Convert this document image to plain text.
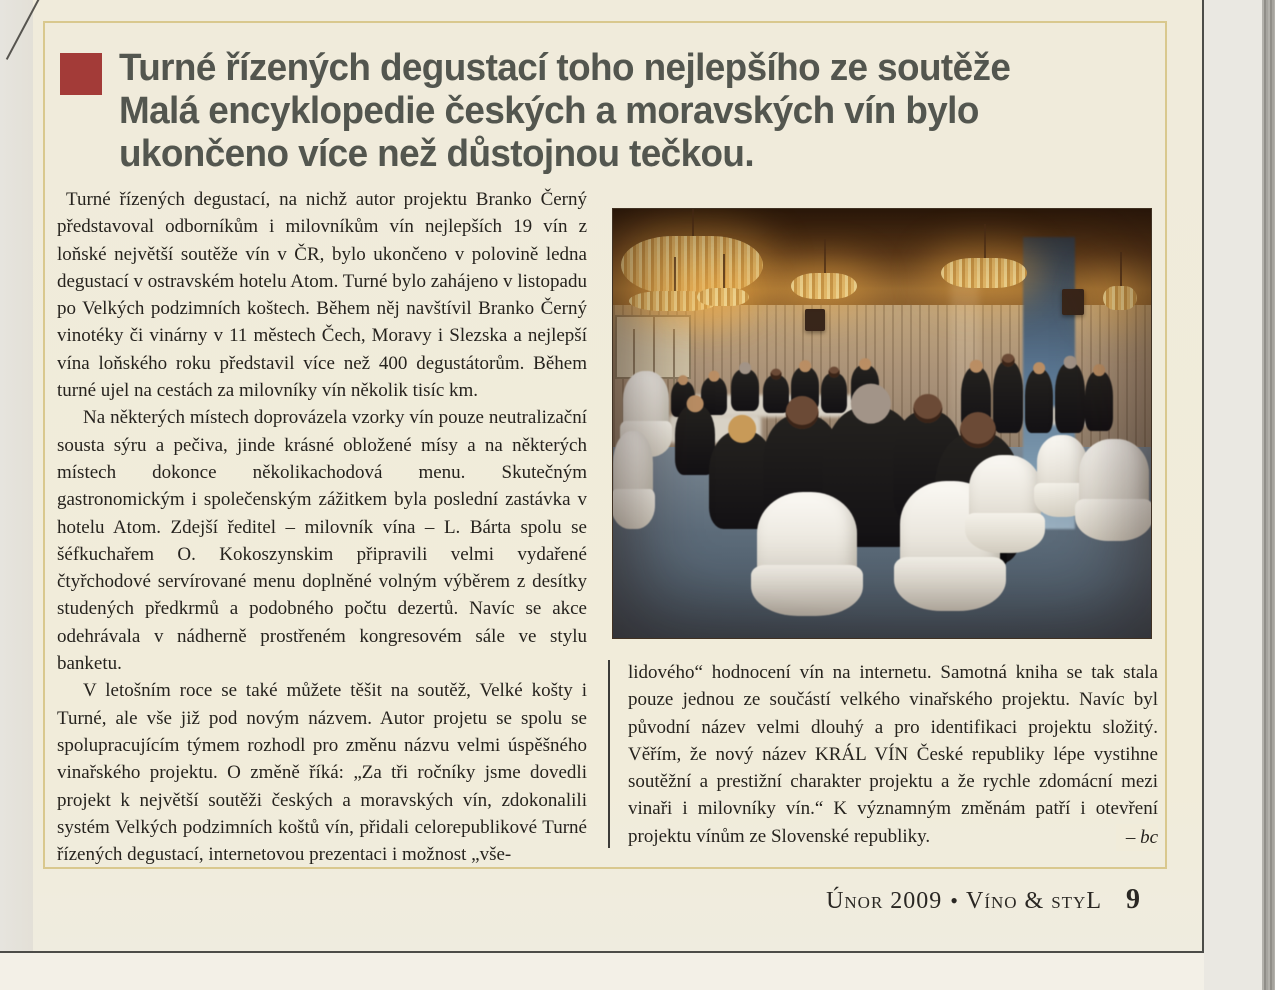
Turné řízených degustací toho nejlepšího ze soutěže
Malá encyklopedie českých a moravských vín bylo
ukončeno více než důstojnou tečkou.

Turné řízených degustací, na nichž autor projektu Branko Černý představoval odborníkům i milovníkům vín nejlepších 19 vín z loňské největší soutěže vín v ČR, bylo ukončeno v polovině ledna degustací v ostravském hotelu Atom. Turné bylo zahájeno v listopadu po Velkých podzimních koštech. Během něj navštívil Branko Černý vinotéky či vinárny v 11 městech Čech, Moravy i Slezska a nejlepší vína loňského roku představil více než 400 degustátorům. Během turné ujel na cestách za milovníky vín několik tisíc km.

Na některých místech doprovázela vzorky vín pouze neutralizační sousta sýru a pečiva, jinde krásné obložené mísy a na některých místech dokonce několikachodová menu. Skutečným gastronomickým i společenským zážitkem byla poslední zastávka v hotelu Atom. Zdejší ředitel – milovník vína – L. Bárta spolu se šéfkuchařem O. Kokoszynskim připravili velmi vydařené čtyřchodové servírované menu doplněné volným výběrem z desítky studených předkrmů a podobného počtu dezertů. Navíc se akce odehrávala v nádherně prostřeném kongresovém sále ve stylu banketu.

V letošním roce se také můžete těšit na soutěž, Velké košty i Turné, ale vše již pod novým názvem. Autor projetu se spolu se spolupracujícím týmem rozhodl pro změnu názvu velmi úspěšného vinařského projektu. O změně říká: „Za tři ročníky jsme dovedli projekt k největší soutěži českých a moravských vín, zdokonalili systém Velkých podzimních koštů vín, přidali celorepublikové Turné řízených degustací, internetovou prezentaci i možnost „vše-

lidového“ hodnocení vín na internetu. Samotná kniha se tak stala pouze jednou ze součástí velkého vinařského projektu. Navíc byl původní název velmi dlouhý a pro identifikaci projektu složitý. Věřím, že nový název KRÁL VÍN České republiky lépe vystihne soutěžní a prestižní charakter projektu a že rychle zdomácní mezi vinaři i milovníky vín.“ K významným změnám patří i otevření projektu vínům ze Slovenské republiky.	– bc

Únor 2009 • Víno & styL 9
